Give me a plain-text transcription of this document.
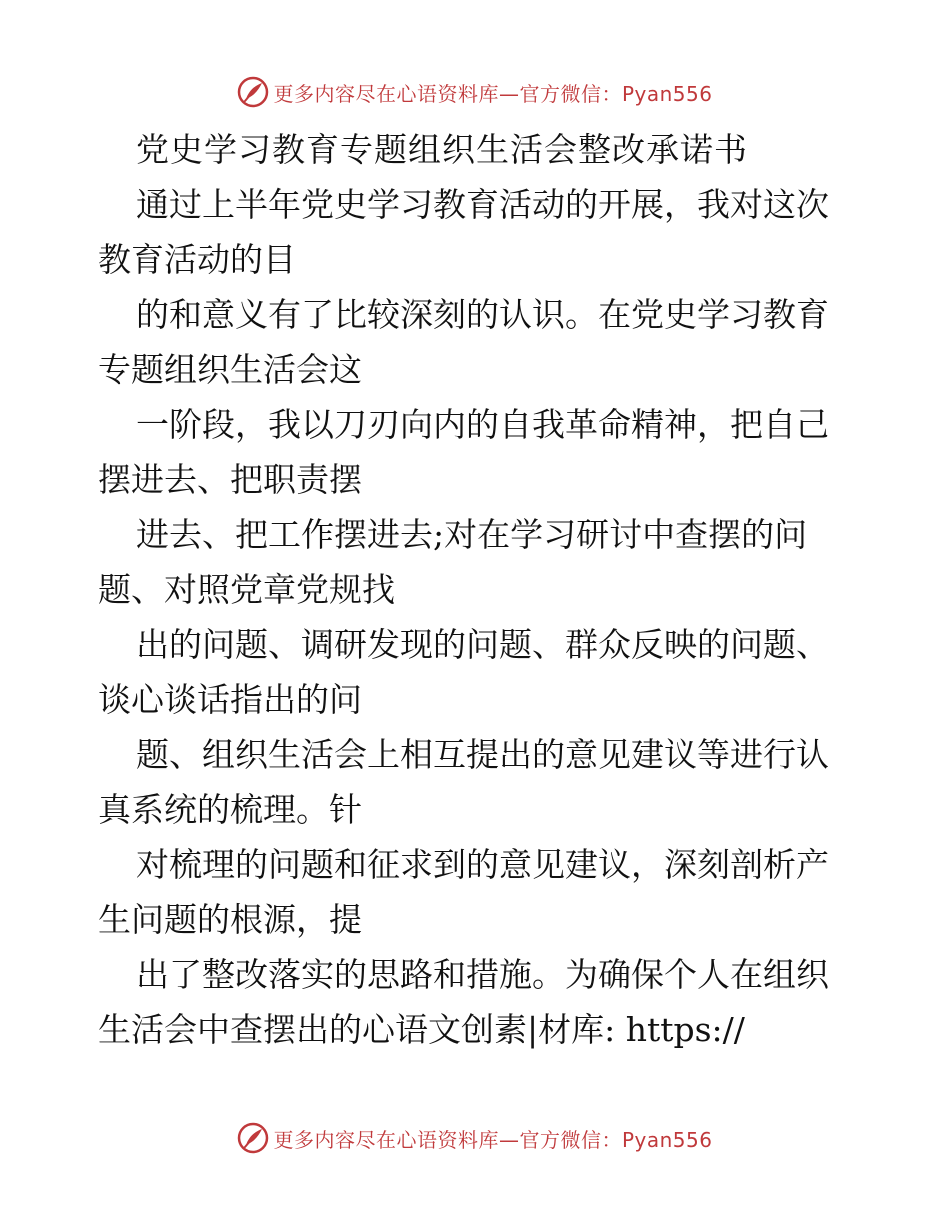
更多内容尽在心语资料库—官方微信：Pyan556
党史学习教育专题组织生活会整改承诺书
通过上半年党史学习教育活动的开展，我对这次
教育活动的目
的和意义有了比较深刻的认识。在党史学习教育
专题组织生活会这
一阶段，我以刀刃向内的自我革命精神，把自己
摆进去、把职责摆
进去、把工作摆进去;对在学习研讨中查摆的问
题、对照党章党规找
出的问题、调研发现的问题、群众反映的问题、
谈心谈话指出的问
题、组织生活会上相互提出的意见建议等进行认
真系统的梳理。针
对梳理的问题和征求到的意见建议，深刻剖析产
生问题的根源，提
出了整改落实的思路和措施。为确保个人在组织
生活会中查摆出的心语文创素|材库: https://
更多内容尽在心语资料库—官方微信：Pyan556
